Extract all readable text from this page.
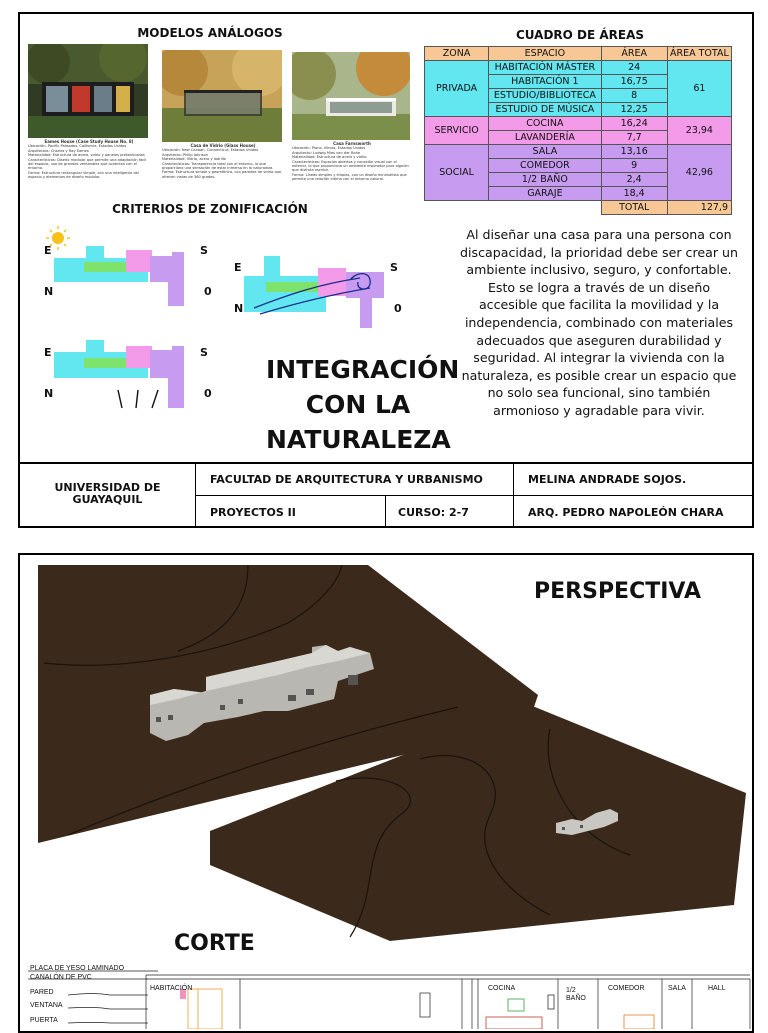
MODELOS ANÁLOGOS	CUADRO DE ÁREAS
Eames House (Case Study House No. 8)
Ubicación: Pacific Palisades, California, Estados Unidos
Arquitectos: Charles y Ray Eames
Materialidad: Estructura de acero, vidrio y paneles prefabricados
Características: Diseño modular que permite una adaptación fácil del espacio; uso de grandes ventanales que conectan con el entorno.
Forma: Estructura rectangular simple, con una inteligente del espacio y elementos de diseño modular.
Casa de Vidrio (Glass House)
Ubicación: New Canaan, Connecticut, Estados Unidos
Arquitecto: Philip Johnson
Materialidad: Vidrio, acero y ladrillo
Características: Transparencia total con el entorno, lo que proporciona una sensación de estar inmerso en la naturaleza.
Forma: Estructura simple y geométrica, con paredes de vidrio que ofrecen vistas de 360 grados.
Casa Farnsworth
Ubicación: Plano, Illinois, Estados Unidos
Arquitecto: Ludwig Mies van der Rohe
Materialidad: Estructura de acero y vidrio
Características: Espacios abiertos y conexión visual con el exterior, lo que proporciona un ambiente inspirador para alguien que disfruta escribir.
Forma: Líneas simples y limpias, con un diseño minimalista que permite una relación íntima con el entorno natural.
ZONA	ESPACIO	ÁREA	ÁREA TOTAL
PRIVADA	HABITACIÓN MÁSTER	24	61
	HABITACIÓN 1	16,75	
	ESTUDIO/BIBLIOTECA	8	
	ESTUDIO DE MÚSICA	12,25	
SERVICIO	COCINA	16,24	23,94
	LAVANDERÍA	7,7	
SOCIAL	SALA	13,16	42,96
	COMEDOR	9	
	1/2 BAÑO	2,4	
	GARAJE	18,4	
		TOTAL	127,9
CRITERIOS DE ZONIFICACIÓN
E	S
N	0
E	S
N	0
E	S
N	0
INTEGRACIÓN
CON LA
NATURALEZA
Al diseñar una casa para una persona con discapacidad, la prioridad debe ser crear un ambiente inclusivo, seguro, y confortable. Esto se logra a través de un diseño accesible que facilita la movilidad y la independencia, combinado con materiales adecuados que aseguren durabilidad y seguridad. Al integrar la vivienda con la naturaleza, es posible crear un espacio que no solo sea funcional, sino también armonioso y agradable para vivir.
UNIVERSIDAD DE GUAYAQUIL
FACULTAD DE ARQUITECTURA Y URBANISMO	MELINA ANDRADE SOJOS.
PROYECTOS II	CURSO: 2-7	ARQ. PEDRO NAPOLEÓN CHARA
PERSPECTIVA
CORTE
PLACA DE YESO LAMINADO
CANALÓN DE PVC
PARED
VENTANA
PUERTA
HABITACIÓN	COCINA	1/2 BAÑO
COMEDOR	SALA	HALL
